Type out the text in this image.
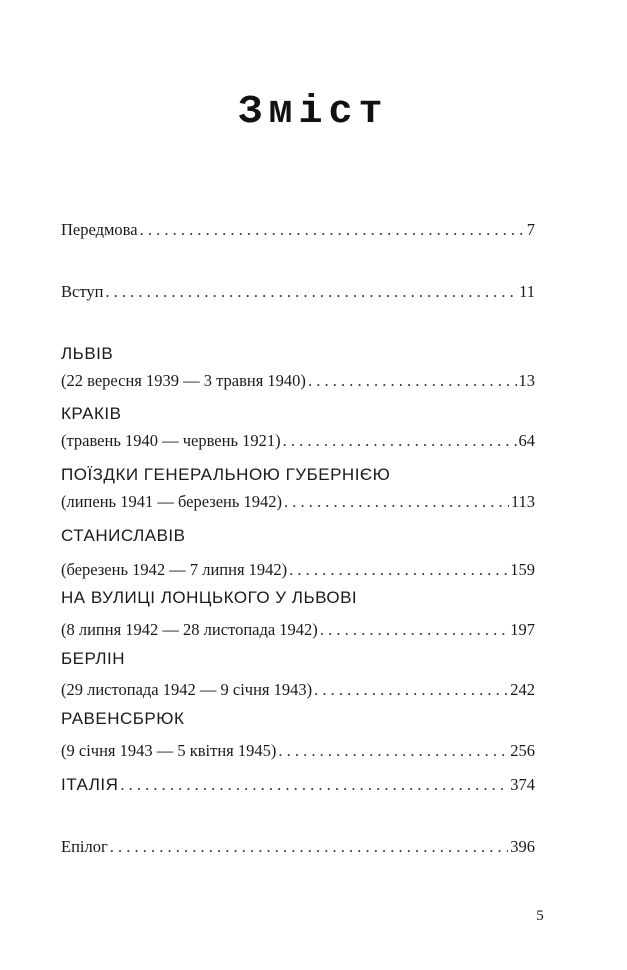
Зміст
Передмова . . .	7
Вступ . . .	11
ЛЬВІВ
(22 вересня 1939 — 3 травня 1940) . . .	13
КРАКІВ
(травень 1940 — червень 1921) . . .	64
ПОЇЗДКИ ГЕНЕРАЛЬНОЮ ГУБЕРНІЄЮ
(липень 1941 — березень 1942) . . .	113
СТАНИСЛАВІВ
(березень 1942 — 7 липня 1942) . . .	159
НА ВУЛИЦІ ЛОНЦЬКОГО У ЛЬВОВІ
(8 липня 1942 — 28 листопада 1942) . . .	197
БЕРЛІН
(29 листопада 1942 — 9 січня 1943) . . .	242
РАВЕНСБРЮК
(9 січня 1943 — 5 квітня 1945) . . .	256
ІТАЛІЯ . . .	374
Епілог . . .	396
5
